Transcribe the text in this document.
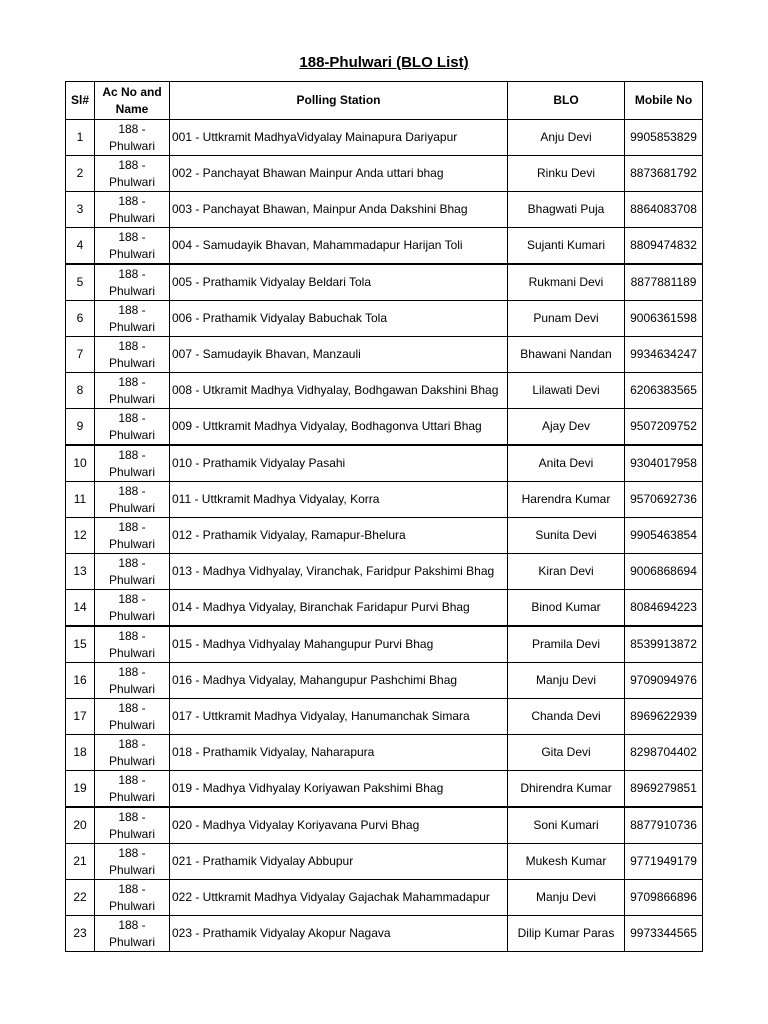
188-Phulwari (BLO List)
Sl#	Ac No and Name	Polling Station	BLO	Mobile No
1	188 - Phulwari	001 - Uttkramit MadhyaVidyalay Mainapura Dariyapur	Anju Devi	9905853829
2	188 - Phulwari	002 - Panchayat Bhawan Mainpur Anda uttari bhag	Rinku Devi	8873681792
3	188 - Phulwari	003 - Panchayat Bhawan, Mainpur Anda Dakshini Bhag	Bhagwati Puja	8864083708
4	188 - Phulwari	004 - Samudayik Bhavan, Mahammadapur Harijan Toli	Sujanti Kumari	8809474832
5	188 - Phulwari	005 - Prathamik Vidyalay Beldari Tola	Rukmani Devi	8877881189
6	188 - Phulwari	006 - Prathamik Vidyalay Babuchak Tola	Punam Devi	9006361598
7	188 - Phulwari	007 - Samudayik Bhavan, Manzauli	Bhawani Nandan	9934634247
8	188 - Phulwari	008 - Utkramit Madhya Vidhyalay, Bodhgawan Dakshini Bhag	Lilawati Devi	6206383565
9	188 - Phulwari	009 - Uttkramit Madhya Vidyalay, Bodhagonva Uttari Bhag	Ajay Dev	9507209752
10	188 - Phulwari	010 - Prathamik Vidyalay Pasahi	Anita Devi	9304017958
11	188 - Phulwari	011 - Uttkramit Madhya Vidyalay, Korra	Harendra Kumar	9570692736
12	188 - Phulwari	012 - Prathamik Vidyalay, Ramapur-Bhelura	Sunita Devi	9905463854
13	188 - Phulwari	013 - Madhya Vidhyalay, Viranchak, Faridpur Pakshimi Bhag	Kiran Devi	9006868694
14	188 - Phulwari	014 - Madhya Vidyalay, Biranchak Faridapur Purvi Bhag	Binod Kumar	8084694223
15	188 - Phulwari	015 - Madhya Vidhyalay Mahangupur Purvi Bhag	Pramila Devi	8539913872
16	188 - Phulwari	016 - Madhya Vidyalay, Mahangupur Pashchimi Bhag	Manju Devi	9709094976
17	188 - Phulwari	017 - Uttkramit Madhya Vidyalay, Hanumanchak Simara	Chanda Devi	8969622939
18	188 - Phulwari	018 - Prathamik Vidyalay, Naharapura	Gita Devi	8298704402
19	188 - Phulwari	019 - Madhya Vidhyalay Koriyawan Pakshimi Bhag	Dhirendra Kumar	8969279851
20	188 - Phulwari	020 - Madhya Vidyalay Koriyavana Purvi Bhag	Soni Kumari	8877910736
21	188 - Phulwari	021 - Prathamik Vidyalay Abbupur	Mukesh Kumar	9771949179
22	188 - Phulwari	022 - Uttkramit Madhya Vidyalay Gajachak Mahammadapur	Manju Devi	9709866896
23	188 - Phulwari	023 - Prathamik Vidyalay Akopur Nagava	Dilip Kumar Paras	9973344565
